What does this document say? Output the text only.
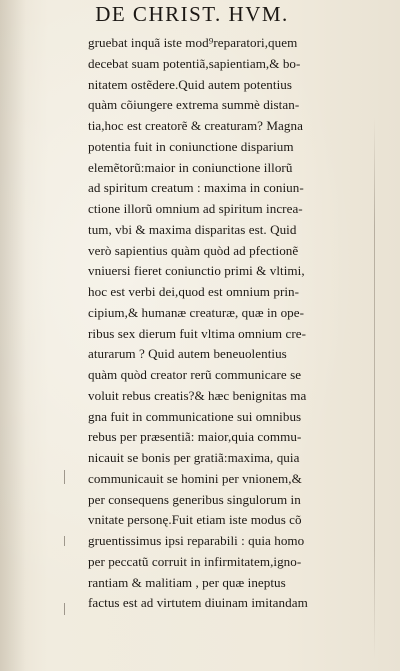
DE CHRIST. HVM.
gruebat inquã iste mod⁹reparatori,quem
decebat suam potentiã,sapientiam,& bo-
nitatem ostẽdere.Quid autem potentius
quàm cõiungere extrema summè distan-
tia,hoc est creatorẽ & creaturam? Magna
potentia fuit in coniunctione disparium
elemẽtorũ:maior in coniunctione illorũ
ad spiritum creatum : maxima in coniun-
ctione illorũ omnium ad spiritum increa-
tum, vbi & maxima disparitas est. Quid
verò sapientius quàm quòd ad pfectionẽ
vniuersi fieret coniunctio primi & vltimi,
hoc est verbi dei,quod est omnium prin-
cipium,& humanæ creaturæ, quæ in ope-
ribus sex dierum fuit vltima omnium cre-
aturarum ? Quid autem beneuolentius
quàm quòd creator rerũ communicare se
voluit rebus creatis?& hæc benignitas ma
gna fuit in communicatione sui omnibus
rebus per præsentiã: maior,quia commu-
nicauit se bonis per gratiã:maxima, quia
communicauit se homini per vnionem,&
per consequens generibus singulorum in
vnitate personę.Fuit etiam iste modus cõ
gruentissimus ipsi reparabili : quia homo
per peccatũ corruit in infirmitatem,igno-
rantiam & malitiam , per quæ ineptus
factus est ad virtutem diuinam imitandam
